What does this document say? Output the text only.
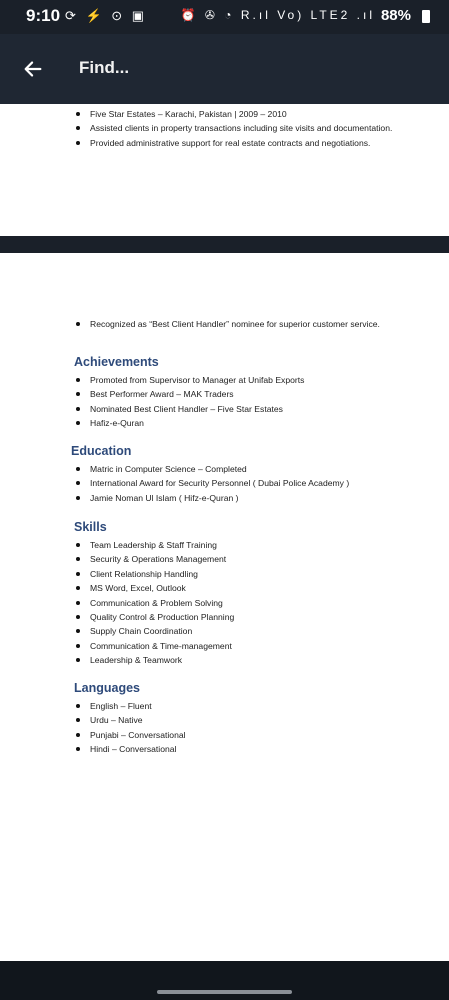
9:10 ⟳ ⚡ ⊙ ▣	⏰ ✇ ◔ R.ıl Vo) LTE2 .ıl 88%
Find...
Five Star Estates – Karachi, Pakistan | 2009 – 2010
Assisted clients in property transactions including site visits and documentation.
Provided administrative support for real estate contracts and negotiations.
Recognized as “Best Client Handler” nominee for superior customer service.
Achievements
Promoted from Supervisor to Manager at Unifab Exports
Best Performer Award – MAK Traders
Nominated Best Client Handler – Five Star Estates
Hafiz-e-Quran
Education
Matric in Computer Science – Completed
International Award for Security Personnel ( Dubai Police Academy )
Jamie Noman Ul Islam ( Hifz-e-Quran )
Skills
Team Leadership & Staff Training
Security & Operations Management
Client Relationship Handling
MS Word, Excel, Outlook
Communication & Problem Solving
Quality Control & Production Planning
Supply Chain Coordination
Communication & Time-management
Leadership & Teamwork
Languages
English – Fluent
Urdu – Native
Punjabi – Conversational
Hindi – Conversational
